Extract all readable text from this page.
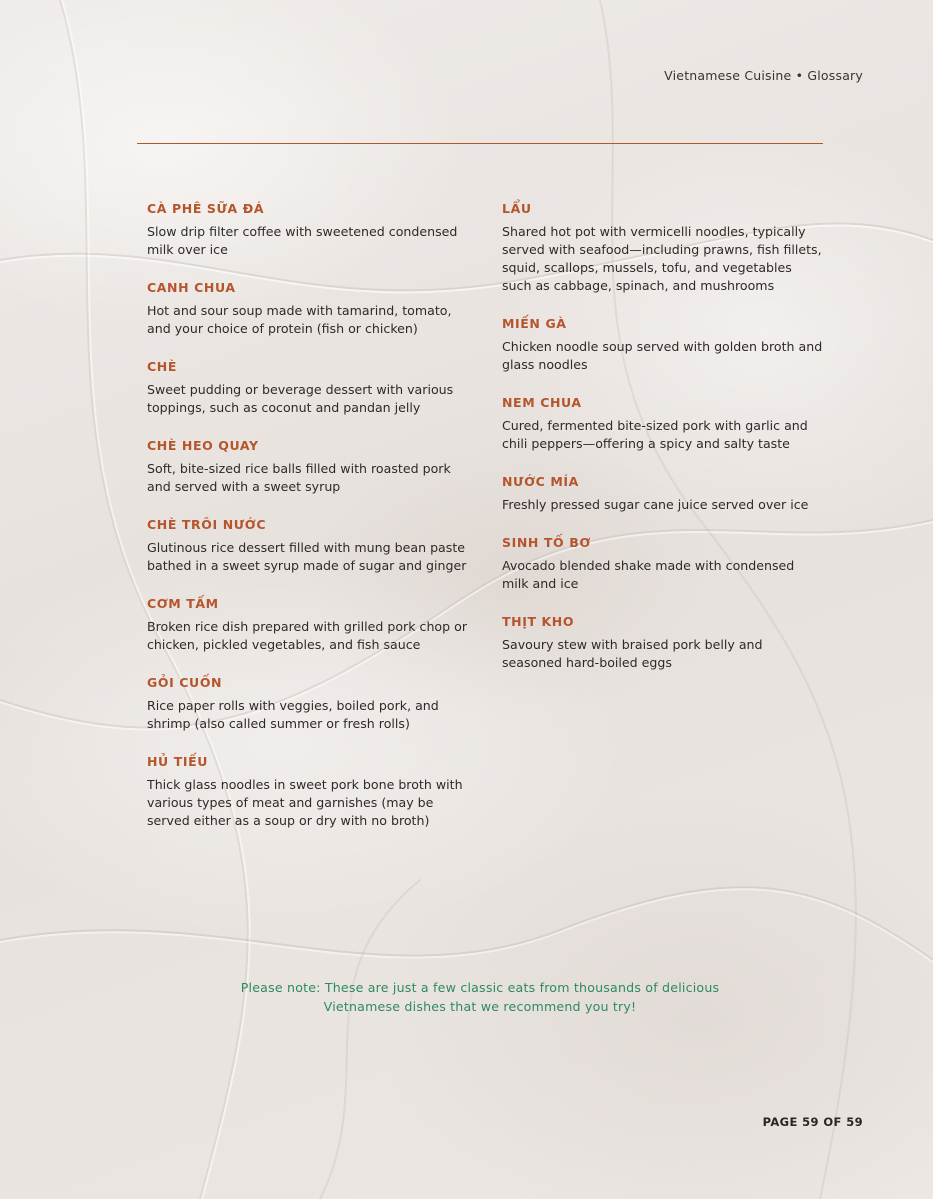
Vietnamese Cuisine • Glossary
CÀ PHÊ SỮA ĐÁ
Slow drip filter coffee with sweetened condensed milk over ice
CANH CHUA
Hot and sour soup made with tamarind, tomato, and your choice of protein (fish or chicken)
CHÈ
Sweet pudding or beverage dessert with various toppings, such as coconut and pandan jelly
CHÈ HEO QUAY
Soft, bite-sized rice balls filled with roasted pork and served with a sweet syrup
CHÈ TRÔI NƯỚC
Glutinous rice dessert filled with mung bean paste bathed in a sweet syrup made of sugar and ginger
CƠM TẤM
Broken rice dish prepared with grilled pork chop or chicken, pickled vegetables, and fish sauce
GỎI CUỐN
Rice paper rolls with veggies, boiled pork, and shrimp (also called summer or fresh rolls)
HỦ TIẾU
Thick glass noodles in sweet pork bone broth with various types of meat and garnishes (may be served either as a soup or dry with no broth)
LẨU
Shared hot pot with vermicelli noodles, typically served with seafood—including prawns, fish fillets, squid, scallops, mussels, tofu, and vegetables such as cabbage, spinach, and mushrooms
MIẾN GÀ
Chicken noodle soup served with golden broth and glass noodles
NEM CHUA
Cured, fermented bite-sized pork with garlic and chili peppers—offering a spicy and salty taste
NƯỚC MÍA
Freshly pressed sugar cane juice served over ice
SINH TỐ BƠ
Avocado blended shake made with condensed milk and ice
THỊT KHO
Savoury stew with braised pork belly and seasoned hard-boiled eggs
Please note: These are just a few classic eats from thousands of delicious Vietnamese dishes that we recommend you try!
PAGE 59 OF 59
